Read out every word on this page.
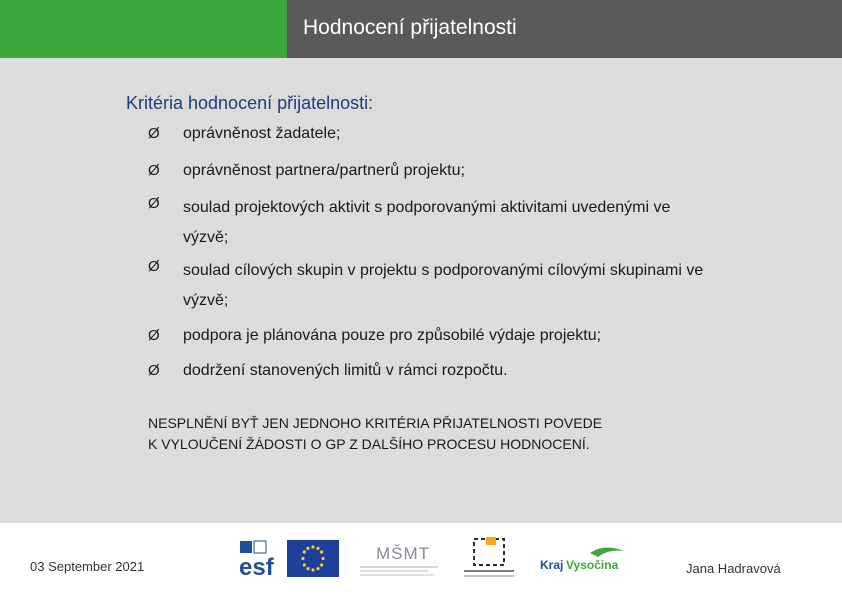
Hodnocení přijatelnosti
Kritéria hodnocení přijatelnosti:
Ø oprávněnost žadatele;
Ø oprávněnost partnera/partnerů projektu;
Ø soulad projektových aktivit s podporovanými aktivitami uvedenými ve výzvě;
Ø soulad cílových skupin v projektu s podporovanými cílovými skupinami ve výzvě;
Ø podpora je plánována pouze pro způsobilé výdaje projektu;
Ø dodržení stanovených limitů v rámci rozpočtu.
NESPLNĚNÍ BYŤ JEN JEDNOHO KRITÉRIA PŘIJATELNOSTI POVEDE
K VYLOUČENÍ ŽÁDOSTI O GP Z DALŠÍHO PROCESU HODNOCENÍ.
03 September 2021	esf
MŠMT
Kraj Vysočina	Jana Hadravová
